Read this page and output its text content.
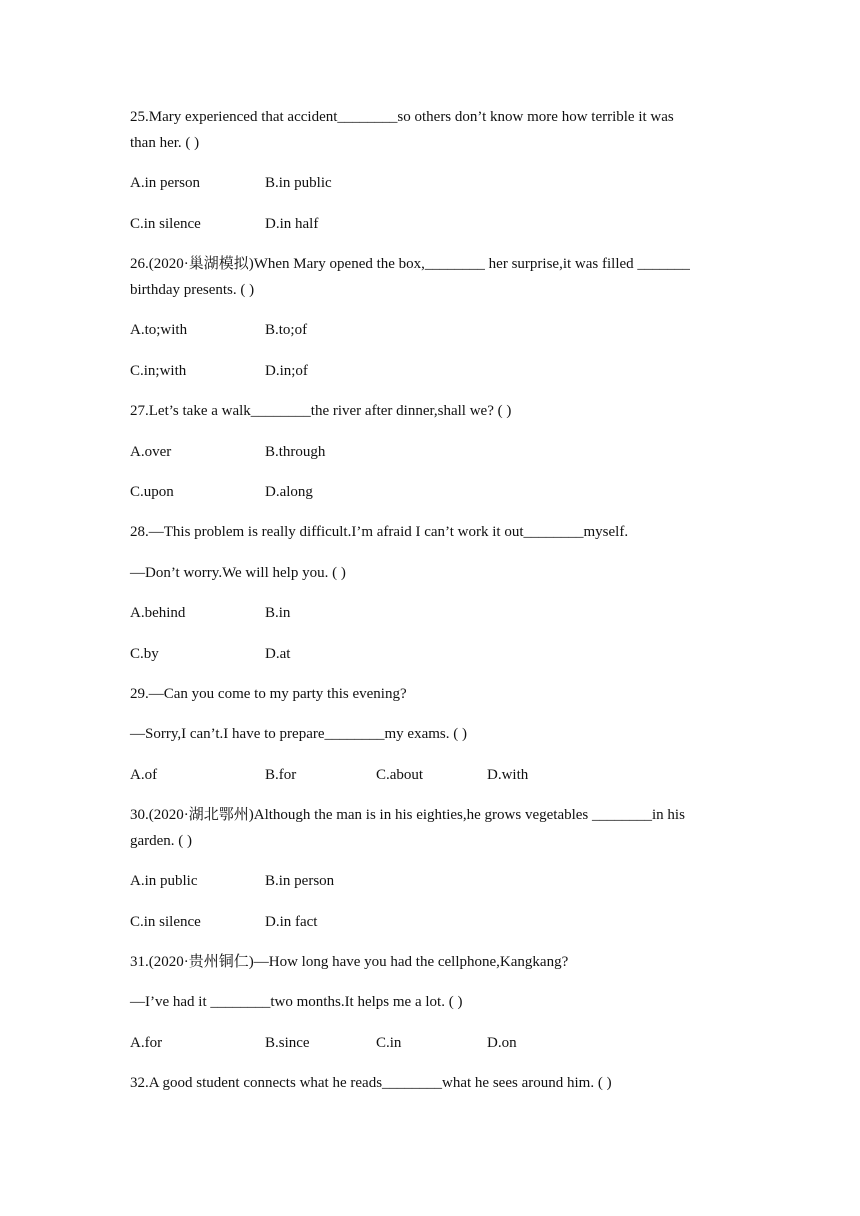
25.Mary experienced that accident________so others don’t know more how terrible it was
than her. ( )
A.in person	B.in public
C.in silence	D.in half
26.(2020·巢湖模拟)When Mary opened the box,________ her surprise,it was filled _______
birthday presents. ( )
A.to;with	B.to;of
C.in;with	D.in;of
27.Let’s take a walk________the river after dinner,shall we? ( )
A.over	B.through
C.upon	D.along
28.—This problem is really difficult.I’m afraid I can’t work it out________myself.
—Don’t worry.We will help you. ( )
A.behind	B.in
C.by	D.at
29.—Can you come to my party this evening?
—Sorry,I can’t.I have to prepare________my exams. ( )
A.of	B.for	C.about	D.with
30.(2020·湖北鄂州)Although the man is in his eighties,he grows vegetables ________in his
garden. ( )
A.in public	B.in person
C.in silence	D.in fact
31.(2020·贵州铜仁)—How long have you had the cellphone,Kangkang?
—I’ve had it ________two months.It helps me a lot. ( )
A.for	B.since	C.in	D.on
32.A good student connects what he reads________what he sees around him. ( )
